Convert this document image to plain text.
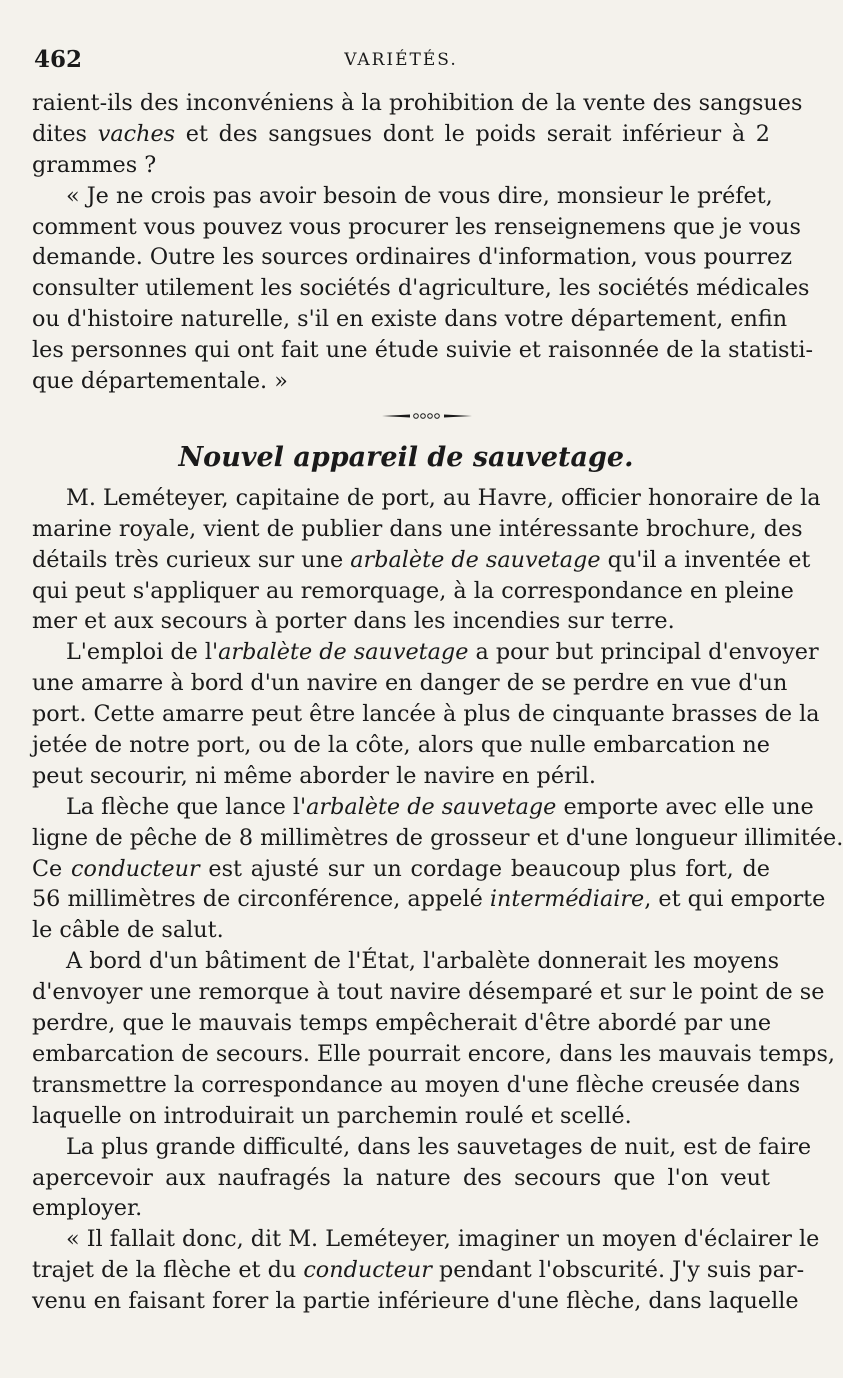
462	VARIÉTÉS.
raient-ils des inconvéniens à la prohibition de la vente des sangsues
dites vaches et des sangsues dont le poids serait inférieur à 2
grammes ?
« Je ne crois pas avoir besoin de vous dire, monsieur le préfet,
comment vous pouvez vous procurer les renseignemens que je vous
demande. Outre les sources ordinaires d'information, vous pourrez
consulter utilement les sociétés d'agriculture, les sociétés médicales
ou d'histoire naturelle, s'il en existe dans votre département, enfin
les personnes qui ont fait une étude suivie et raisonnée de la statisti-
que départementale. »
Nouvel appareil de sauvetage.
M. Leméteyer, capitaine de port, au Havre, officier honoraire de la
marine royale, vient de publier dans une intéressante brochure, des
détails très curieux sur une arbalète de sauvetage qu'il a inventée et
qui peut s'appliquer au remorquage, à la correspondance en pleine
mer et aux secours à porter dans les incendies sur terre.
L'emploi de l'arbalète de sauvetage a pour but principal d'envoyer
une amarre à bord d'un navire en danger de se perdre en vue d'un
port. Cette amarre peut être lancée à plus de cinquante brasses de la
jetée de notre port, ou de la côte, alors que nulle embarcation ne
peut secourir, ni même aborder le navire en péril.
La flèche que lance l'arbalète de sauvetage emporte avec elle une
ligne de pêche de 8 millimètres de grosseur et d'une longueur illimitée.
Ce conducteur est ajusté sur un cordage beaucoup plus fort, de
56 millimètres de circonférence, appelé intermédiaire, et qui emporte
le câble de salut.
A bord d'un bâtiment de l'État, l'arbalète donnerait les moyens
d'envoyer une remorque à tout navire désemparé et sur le point de se
perdre, que le mauvais temps empêcherait d'être abordé par une
embarcation de secours. Elle pourrait encore, dans les mauvais temps,
transmettre la correspondance au moyen d'une flèche creusée dans
laquelle on introduirait un parchemin roulé et scellé.
La plus grande difficulté, dans les sauvetages de nuit, est de faire
apercevoir aux naufragés la nature des secours que l'on veut
employer.
« Il fallait donc, dit M. Leméteyer, imaginer un moyen d'éclairer le
trajet de la flèche et du conducteur pendant l'obscurité. J'y suis par-
venu en faisant forer la partie inférieure d'une flèche, dans laquelle
